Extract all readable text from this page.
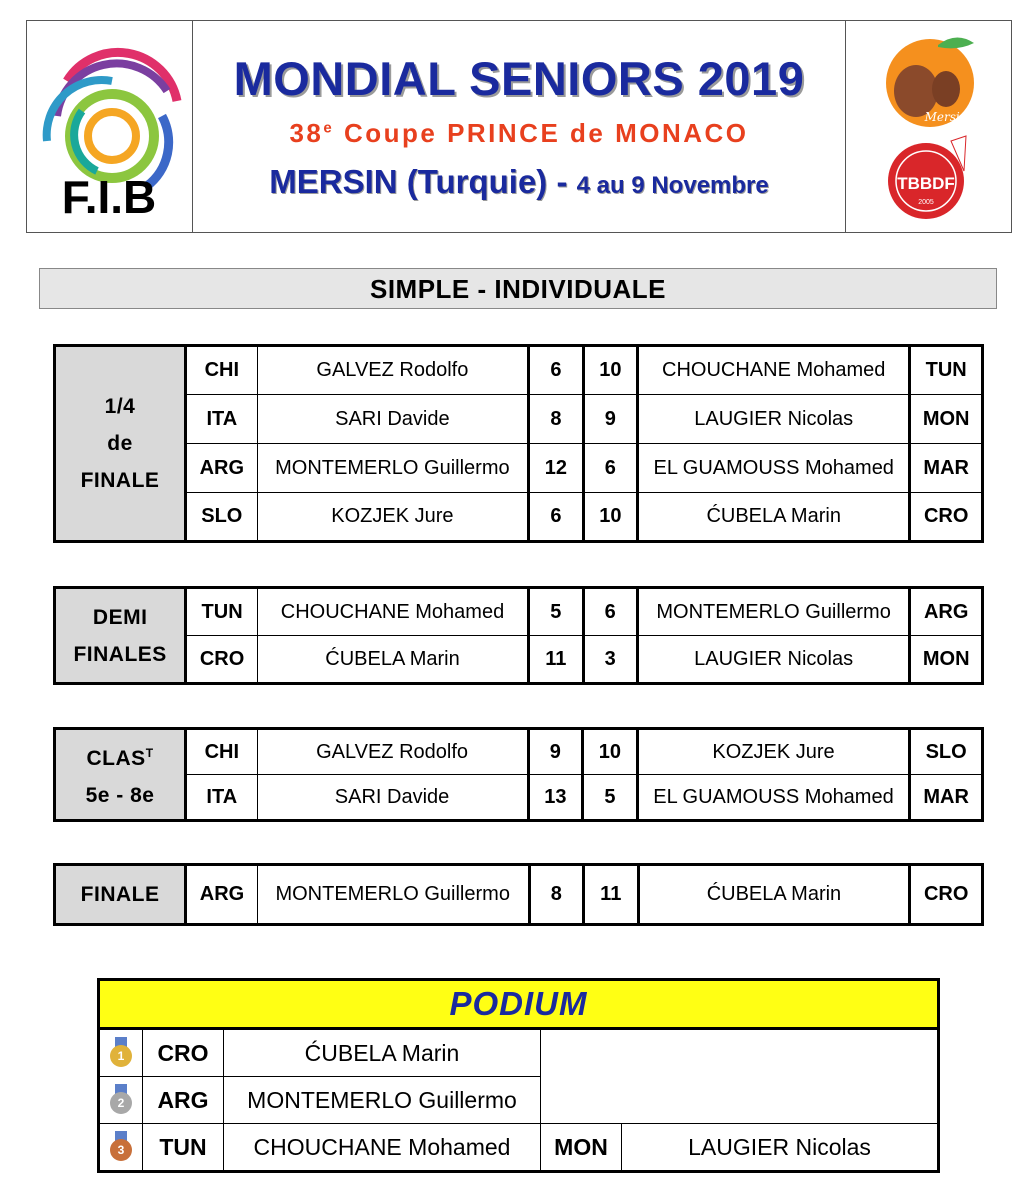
F.I.B
MONDIAL SENIORS 2019
38e Coupe PRINCE de MONACO
MERSIN (Turquie) - 4 au 9 Novembre
Mersin
TBBDF
2005
SIMPLE - INDIVIDUALE
1/4
de
FINALE	CHI	GALVEZ Rodolfo	6	10	CHOUCHANE Mohamed	TUN
	ITA	SARI Davide	8	9	LAUGIER Nicolas	MON
	ARG	MONTEMERLO Guillermo	12	6	EL GUAMOUSS Mohamed	MAR
	SLO	KOZJEK Jure	6	10	ĆUBELA Marin	CRO
DEMI
FINALES	TUN	CHOUCHANE Mohamed	5	6	MONTEMERLO Guillermo	ARG
	CRO	ĆUBELA Marin	11	3	LAUGIER Nicolas	MON
$CLAS^T$
5e - 8e	CHI	GALVEZ Rodolfo	9	10	KOZJEK Jure	SLO
	ITA	SARI Davide	13	5	EL GUAMOUSS Mohamed	MAR
FINALE	ARG	MONTEMERLO Guillermo	8	11	ĆUBELA Marin	CRO
PODIUM				

1	CRO	ĆUBELA Marin		

2	ARG	MONTEMERLO Guillermo		

3	TUN	CHOUCHANE Mohamed	MON	LAUGIER Nicolas
